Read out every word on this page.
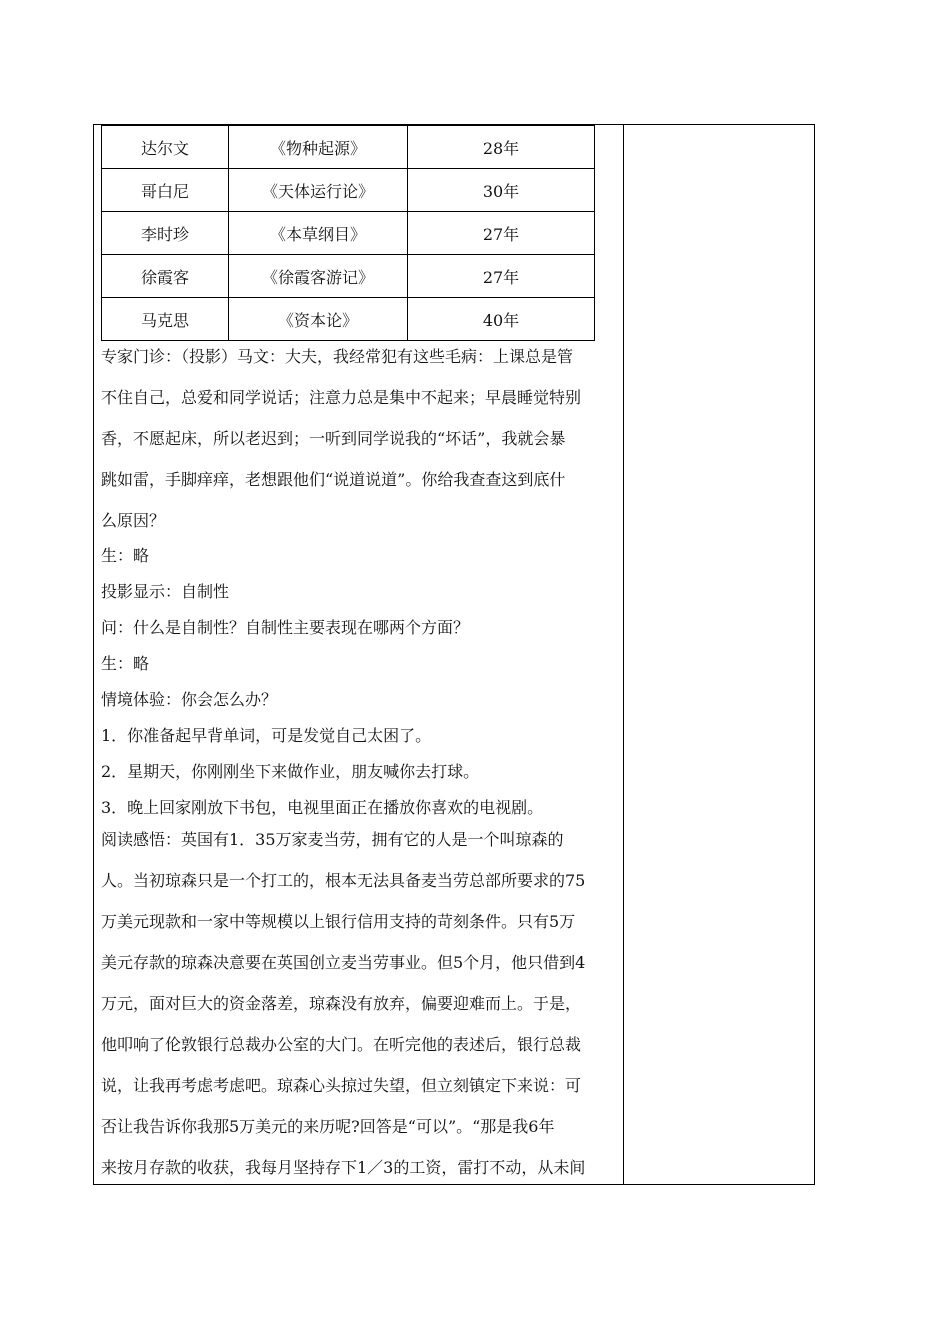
达尔文	《物种起源》	28年
哥白尼	《天体运行论》	30年
李时珍	《本草纲目》	27年
徐霞客	《徐霞客游记》	27年
马克思	《资本论》	40年
专家门诊：（投影）马文：大夫，我经常犯有这些毛病：上课总是管
不住自己，总爱和同学说话；注意力总是集中不起来；早晨睡觉特别
香，不愿起床，所以老迟到；一听到同学说我的“坏话”，我就会暴
跳如雷，手脚痒痒，老想跟他们“说道说道”。你给我查查这到底什
么原因？
生：略
投影显示：自制性
问：什么是自制性？自制性主要表现在哪两个方面？
生：略
情境体验：你会怎么办？
1．你准备起早背单词，可是发觉自己太困了。
2．星期天，你刚刚坐下来做作业，朋友喊你去打球。
3．晚上回家刚放下书包，电视里面正在播放你喜欢的电视剧。
阅读感悟：英国有1．35万家麦当劳，拥有它的人是一个叫琼森的
人。当初琼森只是一个打工的，根本无法具备麦当劳总部所要求的75
万美元现款和一家中等规模以上银行信用支持的苛刻条件。只有5万
美元存款的琼森决意要在英国创立麦当劳事业。但5个月，他只借到4
万元，面对巨大的资金落差，琼森没有放弃，偏要迎难而上。于是，
他叩响了伦敦银行总裁办公室的大门。在听完他的表述后，银行总裁
说，让我再考虑考虑吧。琼森心头掠过失望，但立刻镇定下来说：可
否让我告诉你我那5万美元的来历呢?回答是“可以”。“那是我6年
来按月存款的收获，我每月坚持存下1／3的工资，雷打不动，从未间
